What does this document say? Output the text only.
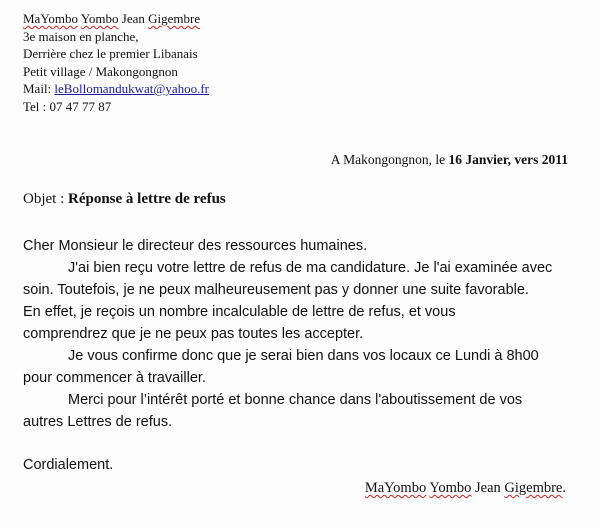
MaYombo Yombo Jean Gigembre
3e maison en planche,
Derrière chez le premier Libanais
Petit village / Makongongnon
Mail: leBollomandukwat@yahoo.fr
Tel : 07 47 77 87
A Makongongnon, le 16 Janvier, vers 2011
Objet : Réponse à lettre de refus
Cher Monsieur le directeur des ressources humaines.
J'ai bien reçu votre lettre de refus de ma candidature. Je l'ai examinée avec
soin. Toutefois, je ne peux malheureusement pas y donner une suite favorable.
En effet, je reçois un nombre incalculable de lettre de refus, et vous
comprendrez que je ne peux pas toutes les accepter.
Je vous confirme donc que je serai bien dans vos locaux ce Lundi à 8h00
pour commencer à travailler.
Merci pour l’intérêt porté et bonne chance dans l'aboutissement de vos
autres Lettres de refus.
Cordialement.
MaYombo Yombo Jean Gigembre.
